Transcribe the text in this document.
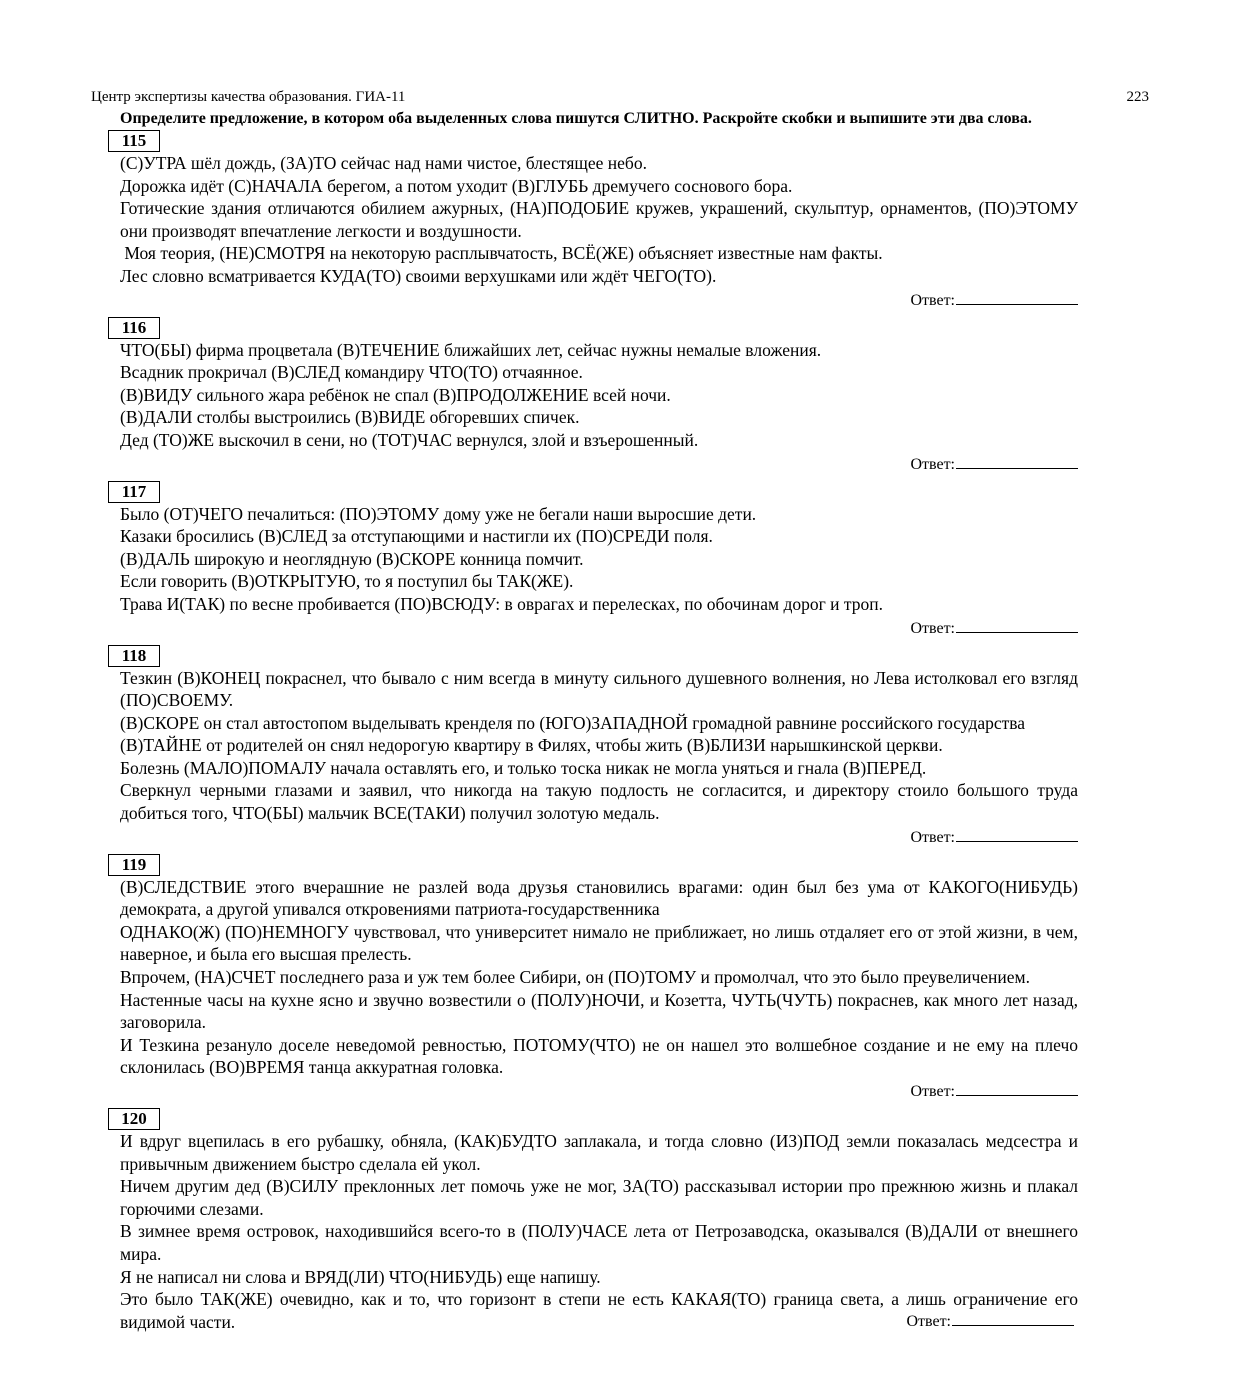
Центр экспертизы качества образования. ГИА-11	223

Определите предложение, в котором оба выделенных слова пишутся СЛИТНО. Раскройте скобки и выпишите эти два слова.

115

(С)УТРА шёл дождь, (ЗА)ТО сейчас над нами чистое, блестящее небо.

Дорожка идёт (С)НАЧАЛА берегом, а потом уходит (В)ГЛУБЬ дремучего соснового бора.

Готические здания отличаются обилием ажурных, (НА)ПОДОБИЕ кружев, украшений, скульптур, орнаментов, (ПО)ЭТОМУ они производят впечатление легкости и воздушности.

Моя теория, (НЕ)СМОТРЯ на некоторую расплывчатость, ВСЁ(ЖЕ) объясняет известные нам факты.

Лес словно всматривается КУДА(ТО) своими верхушками или ждёт ЧЕГО(ТО).

Ответ:
116

ЧТО(БЫ) фирма процветала (В)ТЕЧЕНИЕ ближайших лет, сейчас нужны немалые вложения.

Всадник прокричал (В)СЛЕД командиру ЧТО(ТО) отчаянное.

(В)ВИДУ сильного жара ребёнок не спал (В)ПРОДОЛЖЕНИЕ всей ночи.

(В)ДАЛИ столбы выстроились (В)ВИДЕ обгоревших спичек.

Дед (ТО)ЖЕ выскочил в сени, но (ТОТ)ЧАС вернулся, злой и взъерошенный.

Ответ:
117

Было (ОТ)ЧЕГО печалиться: (ПО)ЭТОМУ дому уже не бегали наши выросшие дети.

Казаки бросились (В)СЛЕД за отступающими и настигли их (ПО)СРЕДИ поля.

(В)ДАЛЬ широкую и неоглядную (В)СКОРЕ конница помчит.

Если говорить (В)ОТКРЫТУЮ, то я поступил бы ТАК(ЖЕ).

Трава И(ТАК) по весне пробивается (ПО)ВСЮДУ: в оврагах и перелесках, по обочинам дорог и троп.

Ответ:
118

Тезкин (В)КОНЕЦ покраснел, что бывало с ним всегда в минуту сильного душевного волнения, но Лева истолковал его взгляд (ПО)СВОЕМУ.

(В)СКОРЕ он стал автостопом выделывать кренделя по (ЮГО)ЗАПАДНОЙ громадной равнине российского государства

(В)ТАЙНЕ от родителей он снял недорогую квартиру в Филях, чтобы жить (В)БЛИЗИ нарышкинской церкви.

Болезнь (МАЛО)ПОМАЛУ начала оставлять его, и только тоска никак не могла уняться и гнала (В)ПЕРЕД.

Сверкнул черными глазами и заявил, что никогда на такую подлость не согласится, и директору стоило большого труда добиться того, ЧТО(БЫ) мальчик ВСЕ(ТАКИ) получил золотую медаль.

Ответ:
119

(В)СЛЕДСТВИЕ этого вчерашние не разлей вода друзья становились врагами: один был без ума от КАКОГО(НИБУДЬ) демократа, а другой упивался откровениями патриота-государственника

ОДНАКО(Ж) (ПО)НЕМНОГУ чувствовал, что университет нимало не приближает, но лишь отдаляет его от этой жизни, в чем, наверное, и была его высшая прелесть.

Впрочем, (НА)СЧЕТ последнего раза и уж тем более Сибири, он (ПО)ТОМУ и промолчал, что это было преувеличением.

Настенные часы на кухне ясно и звучно возвестили о (ПОЛУ)НОЧИ, и Козетта, ЧУТЬ(ЧУТЬ) покраснев, как много лет назад, заговорила.

И Тезкина резануло доселе неведомой ревностью, ПОТОМУ(ЧТО) не он нашел это волшебное создание и не ему на плечо склонилась (ВО)ВРЕМЯ танца аккуратная головка.

Ответ:
120

И вдруг вцепилась в его рубашку, обняла, (КАК)БУДТО заплакала, и тогда словно (ИЗ)ПОД земли показалась медсестра и привычным движением быстро сделала ей укол.

Ничем другим дед (В)СИЛУ преклонных лет помочь уже не мог, ЗА(ТО) рассказывал истории про прежнюю жизнь и плакал горючими слезами.

В зимнее время островок, находившийся всего-то в (ПОЛУ)ЧАСЕ лета от Петрозаводска, оказывался (В)ДАЛИ от внешнего мира.

Я не написал ни слова и ВРЯД(ЛИ) ЧТО(НИБУДЬ) еще напишу.

Это было ТАК(ЖЕ) очевидно, как и то, что горизонт в степи не есть КАКАЯ(ТО) граница света, а лишь ограничение его видимой части.	Ответ:
